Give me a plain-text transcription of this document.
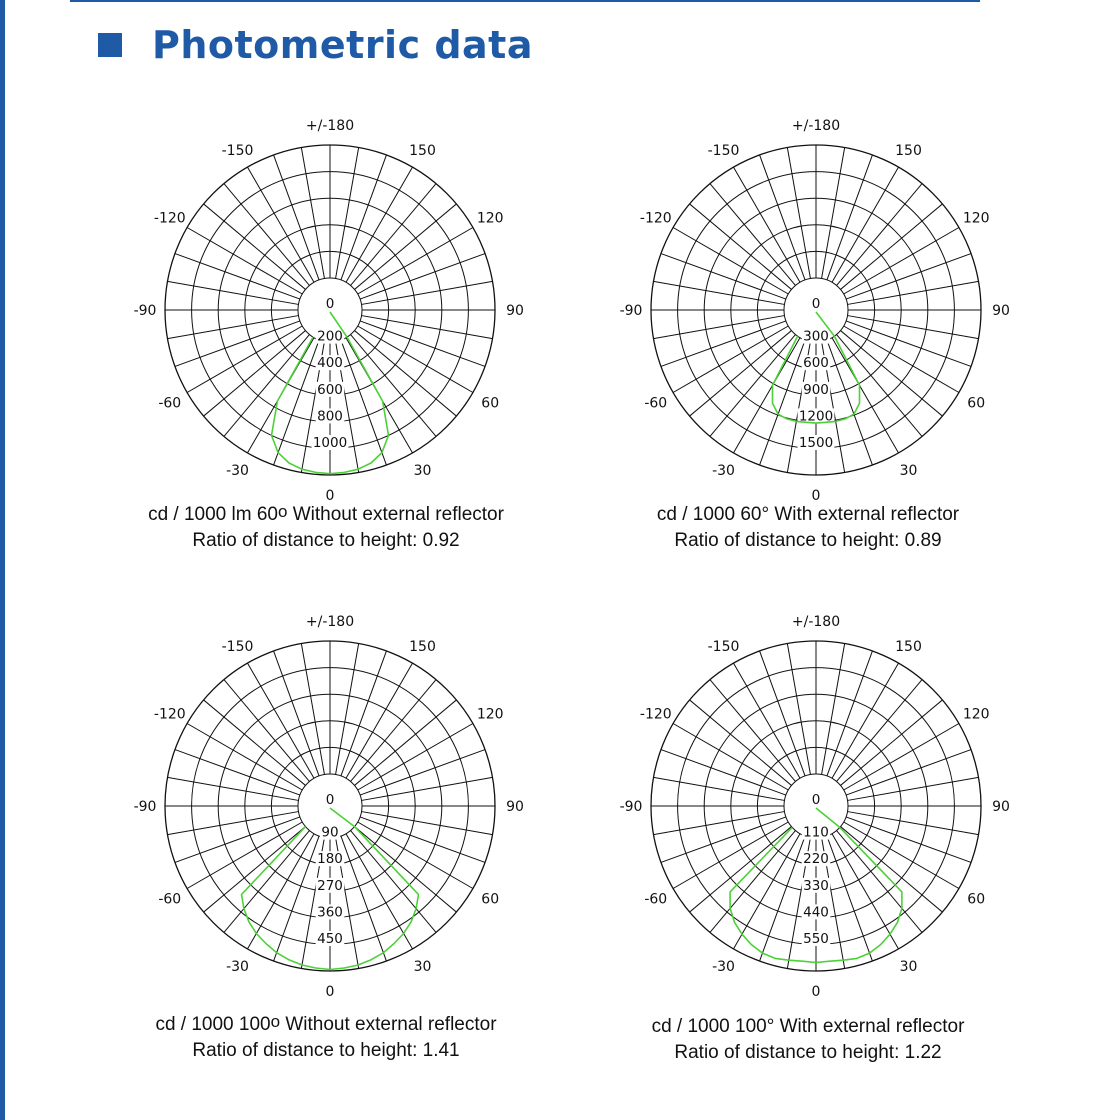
Photometric data
0
200
400
600
800
1000
+/-180
150
120
90
60
30
0
-30
-60
-90
-120
-150
cd / 1000 lm 60$^o$ Without external reflector
Ratio of distance to height: 0.92
0
300
600
900
1200
1500
+/-180
150
120
90
60
30
0
-30
-60
-90
-120
-150
cd / 1000 60° With external reflector
Ratio of distance to height: 0.89
0
90
180
270
360
450
+/-180
150
120
90
60
30
0
-30
-60
-90
-120
-150
cd / 1000 100$^o$ Without external reflector
Ratio of distance to height: 1.41
0
110
220
330
440
550
+/-180
150
120
90
60
30
0
-30
-60
-90
-120
-150
cd / 1000 100° With external reflector
Ratio of distance to height: 1.22
